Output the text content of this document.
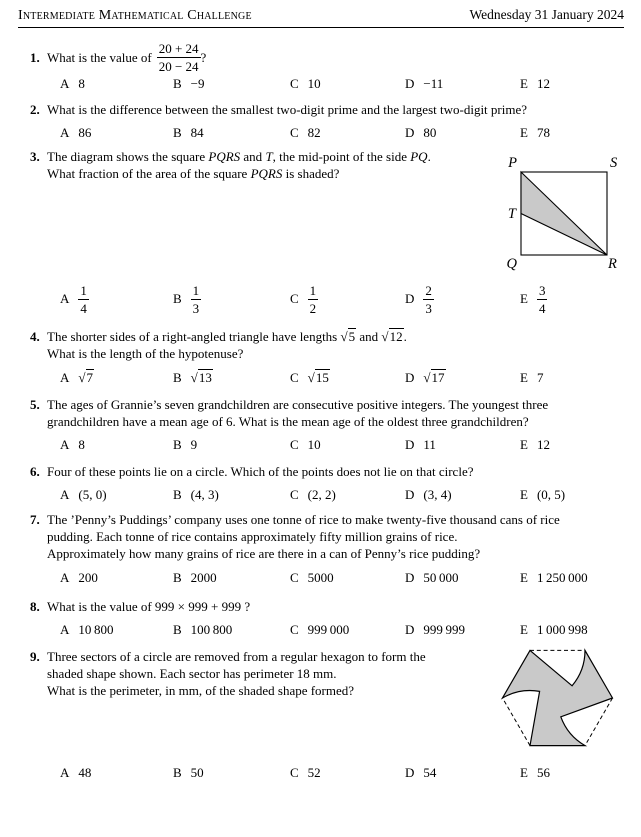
Intermediate Mathematical Challenge	Wednesday 31 January 2024
1. What is the value of $\frac{20 + 24}{20 - 24}$ ?
A 8	B −9	C 10	D −11	E 12
2. What is the difference between the smallest two-digit prime and the largest two-digit prime?
A 86	B 84	C 82	D 80	E 78
3. The diagram shows the square PQRS and T, the mid-point of the side PQ.
What fraction of the area of the square PQRS is shaded?
P	S
T
Q	R
A $\frac{1}{4}$	B $\frac{1}{3}$	C $\frac{1}{2}$	D $\frac{2}{3}$	E $\frac{3}{4}$
4. The shorter sides of a right-angled triangle have lengths √5 and √12.
What is the length of the hypotenuse?
A √7	B √13	C √15	D √17	E 7
5. The ages of Grannie’s seven grandchildren are consecutive positive integers. The youngest three
grandchildren have a mean age of 6. What is the mean age of the oldest three grandchildren?
A 8	B 9	C 10	D 11	E 12
6. Four of these points lie on a circle. Which of the points does not lie on that circle?
A (5, 0)	B (4, 3)	C (2, 2)	D (3, 4)	E (0, 5)
7. The ’Penny’s Puddings’ company uses one tonne of rice to make twenty-five thousand cans of rice
pudding. Each tonne of rice contains approximately fifty million grains of rice.
Approximately how many grains of rice are there in a can of Penny’s rice pudding?
A 200	B 2000	C 5000	D 50 000	E 1 250 000
8. What is the value of 999 × 999 + 999 ?
A 10 800	B 100 800	C 999 000	D 999 999	E 1 000 998
9. Three sectors of a circle are removed from a regular hexagon to form the
shaded shape shown. Each sector has perimeter 18 mm.
What is the perimeter, in mm, of the shaded shape formed?
A 48	B 50	C 52	D 54	E 56
